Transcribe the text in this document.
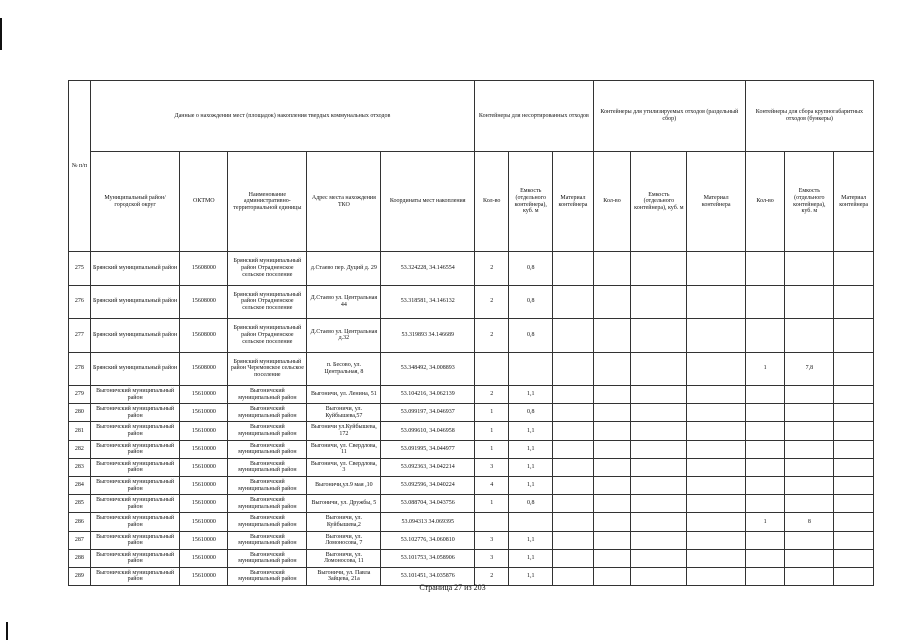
№ п/п	Данные о нахождении мест (площадок) накопления твердых коммунальных отходов					Контейнеры для несортированных отходов			Контейнеры для утилизируемых отходов (раздельный сбор)			Контейнеры для сбора крупногабаритных отходов (бункеры)		
	Муниципальный район/городской округ	ОКТМО	Наименование административно-территориальной единицы	Адрес места нахождения ТКО	Координаты мест накопления	Кол-во	Емкость (отдельного контейнера), куб. м	Материал контейнера	Кол-во	Емкость (отдельного контейнера), куб. м	Материал контейнера	Кол-во	Емкость (отдельного контейнера), куб. м	Материал контейнера
275	Брянский муниципальный район	15608000	Брянский муниципальный район Отрадненское сельское поселение	д.Стаево пер. Дуций д. 29	53.324228, 34.146554	2	0,8							
276	Брянский муниципальный район	15608000	Брянский муниципальный район Отрадненское сельское поселение	Д.Стаево ул. Центральная 44	53.318581, 34.146132	2	0,8							
277	Брянский муниципальный район	15608000	Брянский муниципальный район Отрадненское сельское поселение	Д.Стаево ул. Центральная д.32	53.319893 34.146689	2	0,8							
278	Брянский муниципальный район	15608000	Брянский муниципальный район Черемовское сельское поселение	п. Бесово, ул. Центральная, 8	53.348492, 34.008893							1	7,8	
279	Выгоничский муниципальный район	15610000	Выгоничский муниципальный район	Выгоничи, ул. Ленина, 51	53.104216, 34.062139	2	1,1							
280	Выгоничский муниципальный район	15610000	Выгоничский муниципальный район	Выгоничи, ул. Куйбышева,57	53.099197, 34.046937	1	0,8							
281	Выгоничский муниципальный район	15610000	Выгоничский муниципальный район	Выгоничи ул.Куйбышева, 172	53.099610, 34.046958	1	1,1							
282	Выгоничский муниципальный район	15610000	Выгоничский муниципальный район	Выгоничи, ул. Свердлова, 11	53.091995, 34.044977	1	1,1							
283	Выгоничский муниципальный район	15610000	Выгоничский муниципальный район	Выгоничи, ул. Свердлова, 3	53.092363, 34.042214	3	1,1							
284	Выгоничский муниципальный район	15610000	Выгоничский муниципальный район	Выгоничи,ул.9 мая ,10	53.092596, 34.040224	4	1,1							
285	Выгоничский муниципальный район	15610000	Выгоничский муниципальный район	Выгоничи, ул. Дружбы, 5	53.088704, 34.043756	1	0,8							
286	Выгоничский муниципальный район	15610000	Выгоничский муниципальный район	Выгоничи, ул. Куйбышева,2	53.094313 34.069395							1	8	
287	Выгоничский муниципальный район	15610000	Выгоничский муниципальный район	Выгоничи, ул. Ломоносова, 7	53.102776, 34.060810	3	1,1							
288	Выгоничский муниципальный район	15610000	Выгоничский муниципальный район	Выгоничи, ул. Ломоносова, 11	53.101753, 34.058906	3	1,1							
289	Выгоничский муниципальный район	15610000	Выгоничский муниципальный район	Выгоничи, ул. Павла Зайцева, 21а	53.101451, 34.035876	2	1,1							
Страница 27 из 203
